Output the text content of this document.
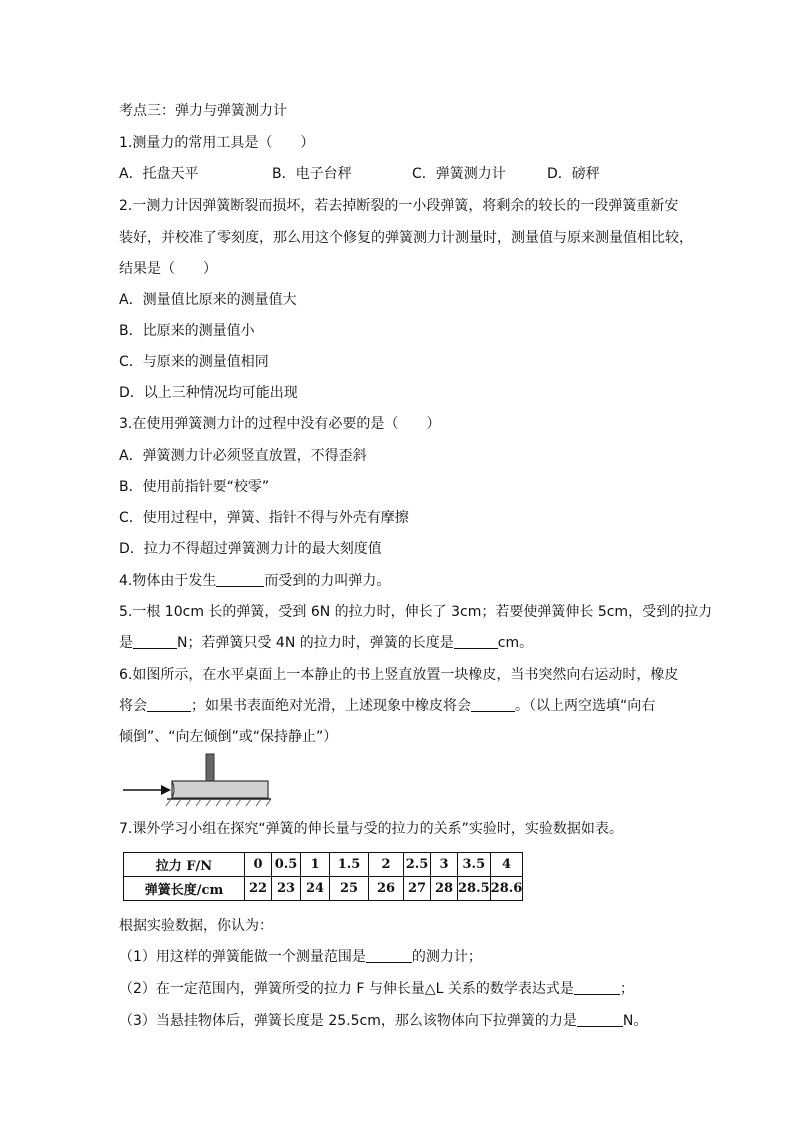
考点三：弹力与弹簧测力计
1.测量力的常用工具是（　　）
A．托盘天平	B．电子台秤	C．弹簧测力计	D．磅秤
2.一测力计因弹簧断裂而损坏，若去掉断裂的一小段弹簧，将剩余的较长的一段弹簧重新安
装好，并校准了零刻度，那么用这个修复的弹簧测力计测量时，测量值与原来测量值相比较，
结果是（　　）
A．测量值比原来的测量值大
B．比原来的测量值小
C．与原来的测量值相同
D．以上三种情况均可能出现
3.在使用弹簧测力计的过程中没有必要的是（　　）
A．弹簧测力计必须竖直放置，不得歪斜
B．使用前指针要“校零”
C．使用过程中，弹簧、指针不得与外壳有摩擦
D．拉力不得超过弹簧测力计的最大刻度值
4.物体由于发生	而受到的力叫弹力。
5.一根 10cm 长的弹簧，受到 6N 的拉力时，伸长了 3cm；若要使弹簧伸长 5cm，受到的拉力
是	N；若弹簧只受 4N 的拉力时，弹簧的长度是	cm。
6.如图所示，在水平桌面上一本静止的书上竖直放置一块橡皮，当书突然向右运动时，橡皮
将会	；如果书表面绝对光滑，上述现象中橡皮将会	。（以上两空选填“向右
倾倒”、“向左倾倒”或“保持静止”）
7.课外学习小组在探究“弹簧的伸长量与受的拉力的关系”实验时，实验数据如表。
拉力 F/N	0	0.5	1	1.5	2	2.5	3	3.5	4
弹簧长度/cm	22	23	24	25	26	27	28	28.5	28.6
根据实验数据，你认为：
（1）用这样的弹簧能做一个测量范围是	的测力计；
（2）在一定范围内，弹簧所受的拉力 F 与伸长量△L 关系的数学表达式是	；
（3）当悬挂物体后，弹簧长度是 25.5cm，那么该物体向下拉弹簧的力是	N。
